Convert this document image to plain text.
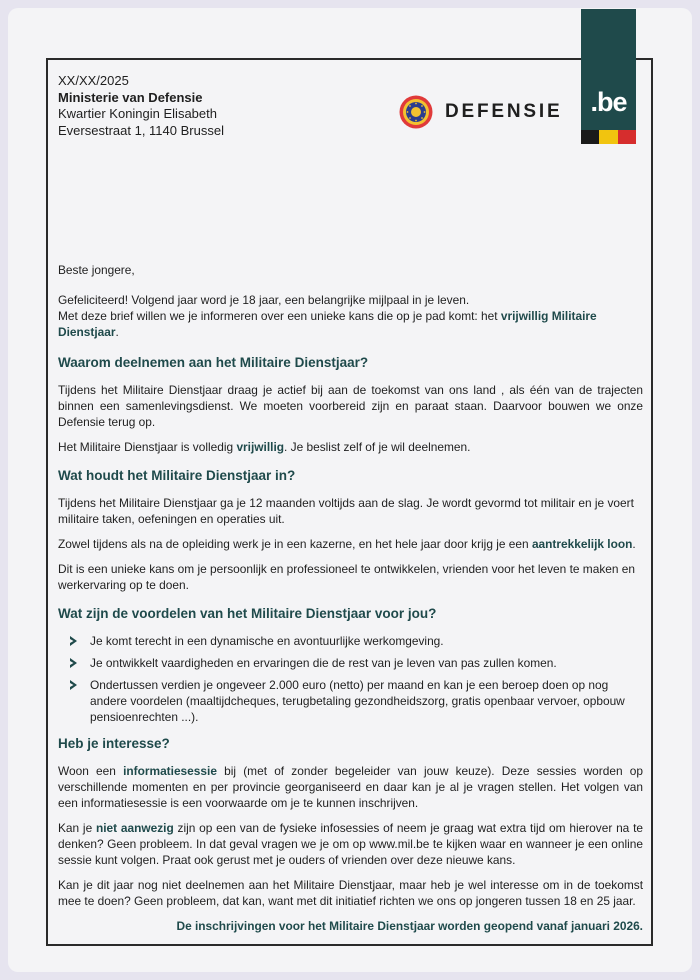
.be
XX/XX/2025
Ministerie van Defensie
Kwartier Koningin Elisabeth
Eversestraat 1, 1140 Brussel
DEFENSIE

Beste jongere,

Gefeliciteerd! Volgend jaar word je 18 jaar, een belangrijke mijlpaal in je leven.
Met deze brief willen we je informeren over een unieke kans die op je pad komt: het vrijwillig Militaire Dienstjaar.

Waarom deelnemen aan het Militaire Dienstjaar?

Tijdens het Militaire Dienstjaar draag je actief bij aan de toekomst van ons land , als één van de trajecten binnen een samenlevingsdienst. We moeten voorbereid zijn en paraat staan. Daarvoor bouwen we onze Defensie terug op.

Het Militaire Dienstjaar is volledig vrijwillig. Je beslist zelf of je wil deelnemen.

Wat houdt het Militaire Dienstjaar in?

Tijdens het Militaire Dienstjaar ga je 12 maanden voltijds aan de slag. Je wordt gevormd tot militair en je voert militaire taken, oefeningen en operaties uit.

Zowel tijdens als na de opleiding werk je in een kazerne, en het hele jaar door krijg je een aantrekkelijk loon.

Dit is een unieke kans om je persoonlijk en professioneel te ontwikkelen, vrienden voor het leven te maken en werkervaring op te doen.

Wat zijn de voordelen van het Militaire Dienstjaar voor jou?
Je komt terecht in een dynamische en avontuurlijke werkomgeving.
Je ontwikkelt vaardigheden en ervaringen die de rest van je leven van pas zullen komen.
Ondertussen verdien je ongeveer 2.000 euro (netto) per maand en kan je een beroep doen op nog andere voordelen (maaltijdcheques, terugbetaling gezondheidszorg, gratis openbaar vervoer, opbouw pensioenrechten ...).
Heb je interesse?

Woon een informatiesessie bij (met of zonder begeleider van jouw keuze). Deze sessies worden op verschillende momenten en per provincie georganiseerd en daar kan je al je vragen stellen. Het volgen van een informatiesessie is een voorwaarde om je te kunnen inschrijven.

Kan je niet aanwezig zijn op een van de fysieke infosessies of neem je graag wat extra tijd om hierover na te denken? Geen probleem. In dat geval vragen we je om op www.mil.be te kijken waar en wanneer je een online sessie kunt volgen. Praat ook gerust met je ouders of vrienden over deze nieuwe kans.

Kan je dit jaar nog niet deelnemen aan het Militaire Dienstjaar, maar heb je wel interesse om in de toekomst mee te doen? Geen probleem, dat kan, want met dit initiatief richten we ons op jongeren tussen 18 en 25 jaar.

De inschrijvingen voor het Militaire Dienstjaar worden geopend vanaf januari 2026.
